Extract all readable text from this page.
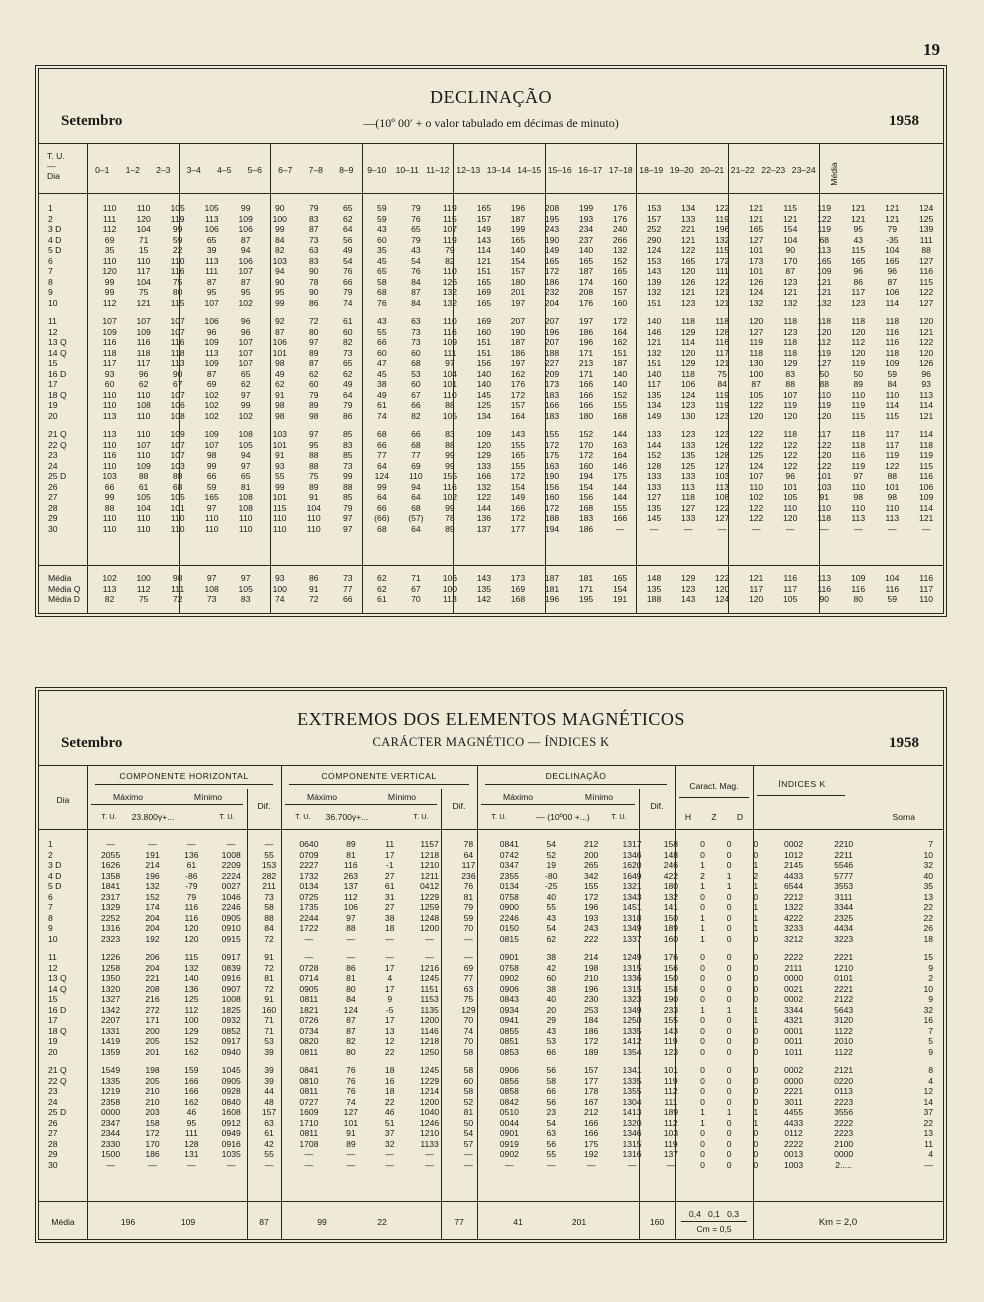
19
DECLINAÇÃO
Setembro	—(10º 00′ + o valor tabulado em décimas de minuto)	1958
T. U.
—
Dia
0–1	1–2	2–3	3–4	4–5	5–6	6–7	7–8	8–9	9–10	10–11 11–12 12–13 13–14 14–15 15–16 16–17 17–18 18–19 19–20 20–21 21–22 22–23 23–24	Média
1	110	110	105	105	99	90	79	65	59	79	119	165	196	208	199	176	153	134	122	121	115	119	121	121	124
2	111	120	119	113	109	100	83	62	59	76	115	157	187	195	193	176	157	133	119	121	121	122	121	121	125
3 D	112	104	99	106	106	99	87	64	43	65	107	149	199	243	234	240	252	221	196	165	154	119	95	79	139
4 D	69	71	59	65	87	84	73	56	60	79	119	143	165	190	237	266	290	121	132	127	104	68	43	-35	111
5 D	35	15	22	39	94	82	63	49	35	43	79	114	140	149	140	132	124	122	115	101	90	113	115	104	88
6	110	110	110	113	106	103	83	54	45	54	82	121	154	165	165	152	153	165	172	173	170	165	165	165	127
7	120	117	116	111	107	94	90	76	65	76	110	151	157	172	187	165	143	120	111	101	87	109	96	96	116
8	99	104	75	87	87	90	78	66	58	84	126	165	180	186	174	160	139	126	122	126	123	121	86	87	115
9	99	75	80	95	95	95	90	79	68	87	132	169	201	232	208	157	132	121	121	124	121	121	117	106	122
10	112	121	115	107	102	99	86	74	76	84	132	165	197	204	176	160	151	123	121	132	132	132	123	114	127

11	107	107	107	106	96	92	72	61	43	63	110	169	207	207	197	172	140	118	118	120	118	118	118	118	120
12	109	109	107	96	96	87	80	60	55	73	116	160	190	196	186	164	146	129	128	127	123	120	120	116	121
13 Q	116	116	116	109	107	106	97	82	66	73	109	151	187	207	196	162	121	114	116	119	118	112	112	116	122
14 Q	118	118	118	113	107	101	89	73	60	60	111	151	186	188	171	151	132	120	117	118	118	119	120	118	120
15	117	117	113	109	107	98	87	65	47	68	97	156	197	227	213	187	151	129	121	130	129	127	119	109	126
16 D	93	96	90	87	65	49	62	62	45	53	104	140	162	209	171	140	140	118	75	100	83	50	50	59	96
17	60	62	67	69	62	62	60	49	38	60	101	140	176	173	166	140	117	106	84	87	88	88	89	84	93
18 Q	110	110	107	102	97	91	79	64	49	67	110	145	172	183	166	152	135	124	119	105	107	110	110	110	113
19	110	108	106	102	99	98	89	79	61	66	88	125	157	166	166	155	134	123	119	122	119	119	119	114	114
20	113	110	108	102	102	98	98	86	74	82	105	134	164	183	180	168	149	130	123	120	120	120	115	115	121

21 Q	113	110	109	109	108	103	97	85	68	66	83	109	143	155	152	144	133	123	123	122	118	117	118	117	114
22 Q	110	107	107	107	105	101	95	83	66	68	88	120	155	172	170	163	144	133	126	122	122	122	118	117	118
23	116	110	107	98	94	91	88	85	77	77	99	129	165	175	172	164	152	135	128	125	122	120	116	119	119
24	110	109	103	99	97	93	88	73	64	69	99	133	155	163	160	146	128	125	127	124	122	122	119	122	115
25 D	103	88	88	66	65	55	75	99	124	110	155	166	172	190	194	175	133	133	103	107	96	101	97	88	116
26	66	61	68	59	81	99	89	88	99	94	116	132	154	156	154	144	133	113	113	110	101	103	110	101	106
27	99	105	105	165	108	101	91	85	64	64	102	122	149	160	156	144	127	118	108	102	105	91	98	98	109
28	88	104	101	97	108	115	104	79	66	68	99	144	166	172	168	155	135	127	122	122	110	110	110	110	114
29	110	110	110	110	110	110	110	97	(66)	(57)	78	136	172	188	183	166	145	133	127	122	120	118	113	113	121
30	110	110	110	110	110	110	110	97	68	64	89	137	177	194	186	—	—	—	—	—	—	—	—	—	—
Média	102	100	98	97	97	93	86	73	62	71	106	143	173	187	181	165	148	129	122	121	116	113	109	104	116
Média Q	113	112	111	108	105	100	91	77	62	67	100	135	169	181	171	154	135	123	120	117	117	116	116	116	117
Média D	82	75	72	73	83	74	72	66	61	70	113	142	168	196	195	191	188	143	124	120	105	90	80	59	110
EXTREMOS DOS ELEMENTOS MAGNÉTICOS
Setembro	CARÁCTER MAGNÉTICO — ÍNDICES K	1958
Dia
COMPONENTE HORIZONTAL
Máximo	Mínimo
Dif.
T. U.	23.800γ+...	T. U.
COMPONENTE VERTICAL
Máximo	Mínimo
Dif.
T. U.	36.700γ+...	T. U.
DECLINAÇÃO
Máximo	Mínimo
Dif.
T. U.	— (10º00 +...)	T. U.
Caract. Mag.
H	Z	D
ÍNDICES K
Soma
1	—	—	—	—	—	0640	89	11	1157	78	0841	54	212	1317	158	0	0	0	0002	2210	7
2	2055	191	136	1008	55	0709	81	17	1218	64	0742	52	200	1346	148	0	0	0	1012	2211	10
3 D	1626	214	61	2209	153	2227	116	-1	1210	117	0347	19	265	1620	246	1	0	1	2145	5546	32
4 D	1358	196	-86	2224	282	1732	263	27	1211	236	2355	-80	342	1649	422	2	1	2	4433	5777	40
5 D	1841	132	-79	0027	211	0134	137	61	0412	76	0134	-25	155	1321	180	1	1	1	6544	3553	35
6	2317	152	79	1046	73	0725	112	31	1229	81	0758	40	172	1343	132	0	0	0	2212	3111	13
7	1329	174	116	2246	58	1735	106	27	1259	79	0900	55	196	1451	141	0	0	1	1322	3344	22
8	2252	204	116	0905	88	2244	97	38	1248	59	2246	43	193	1318	150	1	0	1	4222	2325	22
9	1316	204	120	0910	84	1722	88	18	1200	70	0150	54	243	1349	189	1	0	1	3233	4434	26
10	2323	192	120	0915	72	—	—	—	—	—	0815	62	222	1337	160	1	0	0	3212	3223	18

11	1226	206	115	0917	91	—	—	—	—	—	0901	38	214	1249	176	0	0	0	2222	2221	15
12	1258	204	132	0839	72	0728	86	17	1216	69	0758	42	198	1315	156	0	0	0	2111	1210	9
13 Q	1350	221	140	0916	81	0714	81	4	1245	77	0902	60	210	1336	150	0	0	0	0000	0101	2
14 Q	1320	208	136	0907	72	0905	80	17	1151	63	0906	38	196	1315	158	0	0	0	0021	2221	10
15	1327	216	125	1008	91	0811	84	9	1153	75	0843	40	230	1323	190	0	0	0	0002	2122	9
16 D	1342	272	112	1825	160	1821	124	-5	1135	129	0934	20	253	1349	233	1	1	1	3344	5643	32
17	2207	171	100	0932	71	0726	87	17	1200	70	0941	29	184	1250	155	0	0	1	4321	3120	16
18 Q	1331	200	129	0852	71	0734	87	13	1146	74	0855	43	186	1335	143	0	0	0	0001	1122	7
19	1419	205	152	0917	53	0820	82	12	1218	70	0851	53	172	1412	119	0	0	0	0011	2010	5
20	1359	201	162	0940	39	0811	80	22	1250	58	0853	66	189	1354	123	0	0	0	1011	1122	9

21 Q	1549	198	159	1045	39	0841	76	18	1245	58	0906	56	157	1341	101	0	0	0	0002	2121	8
22 Q	1335	205	166	0905	39	0810	76	16	1229	60	0856	58	177	1335	119	0	0	0	0000	0220	4
23	1219	210	166	0928	44	0811	76	18	1214	58	0858	66	178	1355	112	0	0	0	2221	0113	12
24	2358	210	162	0840	48	0727	74	22	1200	52	0842	56	167	1304	111	0	0	0	3011	2223	14
25 D	0000	203	46	1608	157	1609	127	46	1040	81	0510	23	212	1413	189	1	1	1	4455	3556	37
26	2347	158	95	0912	63	1710	101	51	1246	50	0044	54	166	1320	112	1	0	1	4433	2222	22
27	2344	172	111	0949	61	0811	91	37	1210	54	0901	63	166	1346	103	0	0	0	0112	2223	13
28	2330	170	128	0916	42	1708	89	32	1133	57	0919	56	175	1315	119	0	0	0	2222	2100	11
29	1500	186	131	1035	55	—	—	—	—	—	0902	55	192	1316	137	0	0	0	0013	0000	4
30	—	—	—	—	—	—	—	—	—	—	—	—	—	—	—	0	0	0	1003	2.....	—
Média	196	109	87	99	22	77	41	201	160
0,4   0,1   0,3
Cm = 0,5
Km = 2,0
